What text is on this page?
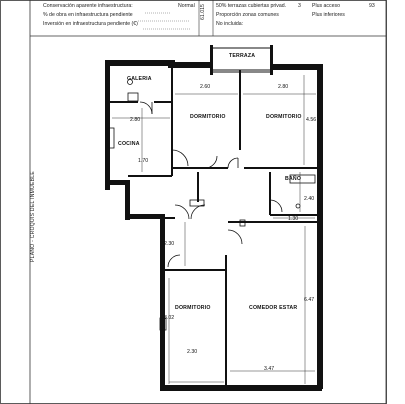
Conservación aparente infraestructura:	Normal
% de obra en infraestructura pendiente
Inversión en infraestructura pendiente (€)
50% terrazas cubiertas privad. 3 Plus acceso	93
Proporción zonas comunes	Plus inferiores
No incluida:
61.015
PLANO - CROQUIS DEL INMUEBLE
TERRAZA
GALERIA
COCINA
DORMITORIO	DORMITORIO
BAÑO
DORMITORIO	COMEDOR ESTAR
2.60	2.80
2.80	4.56
1.70
2.40
1.30
2.30
3.02
6.47
2.30
3.47
